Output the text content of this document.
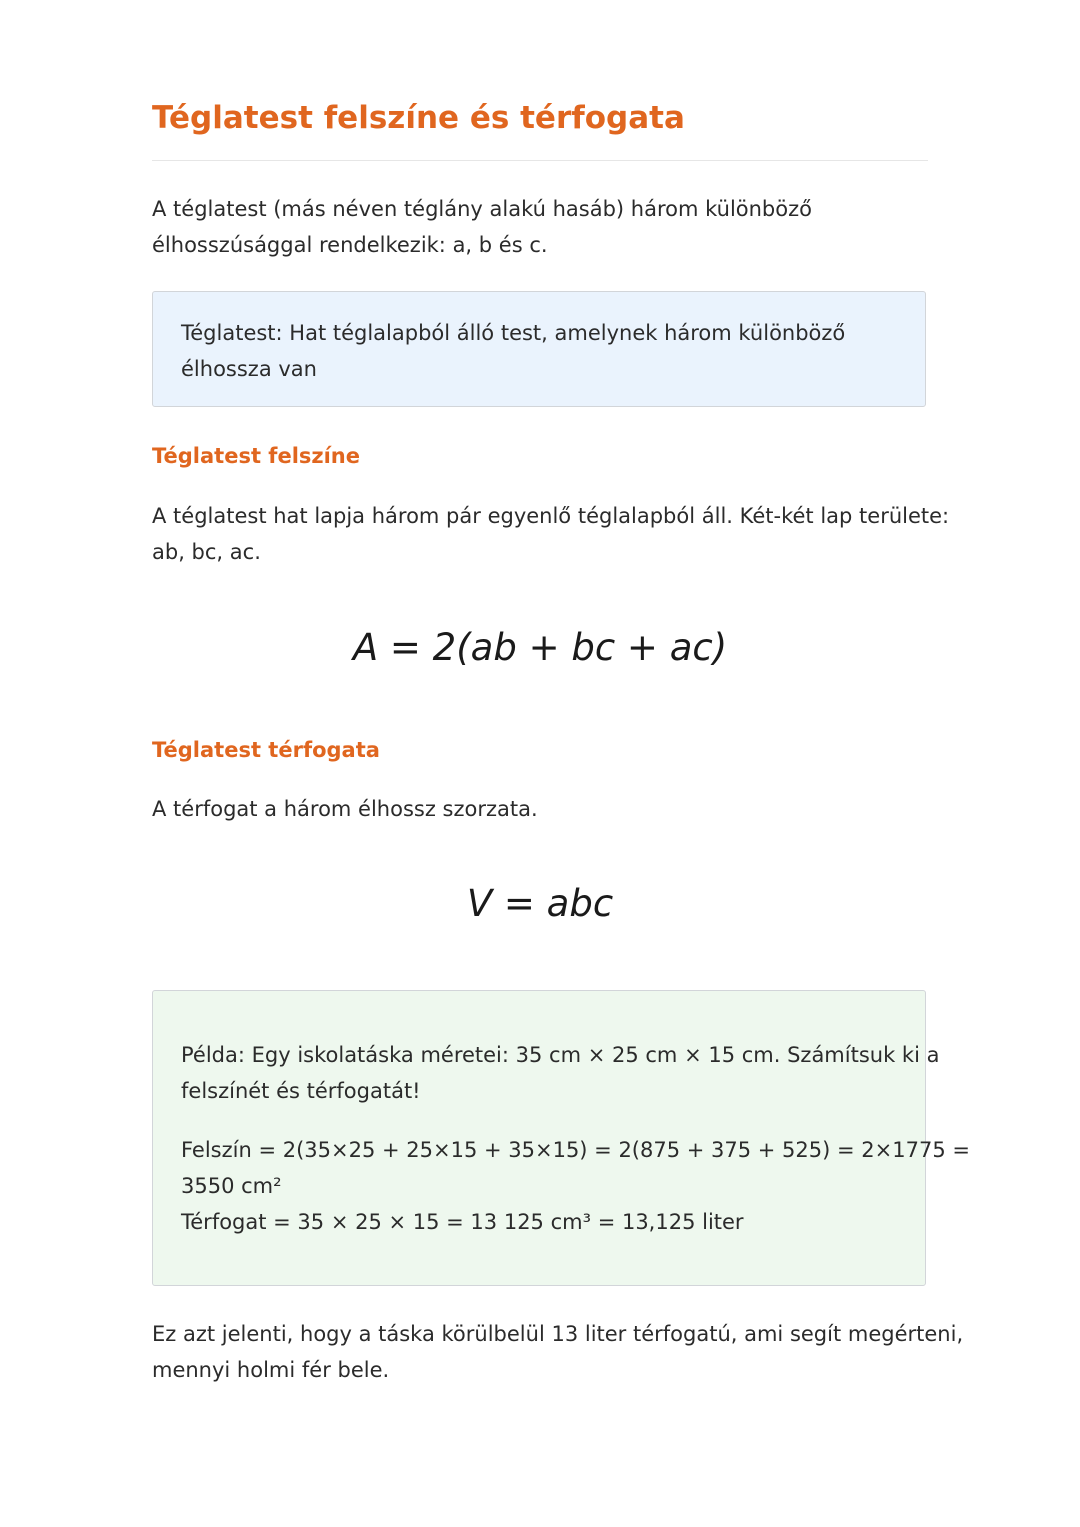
Téglatest felszíne és térfogata

A téglatest (más néven téglány alakú hasáb) három különböző
élhosszúsággal rendelkezik: a, b és c.

Téglatest: Hat téglalapból álló test, amelynek három különböző
élhossza van
Téglatest felszíne

A téglatest hat lapja három pár egyenlő téglalapból áll. Két-két lap területe:
ab, bc, ac.

A = 2(ab + bc + ac)
Téglatest térfogata

A térfogat a három élhossz szorzata.

V = abc
Példa: Egy iskolatáska méretei: 35 cm × 25 cm × 15 cm. Számítsuk ki a
felszínét és térfogatát!
Felszín = 2(35×25 + 25×15 + 35×15) = 2(875 + 375 + 525) = 2×1775 =
3550 cm²
Térfogat = 35 × 25 × 15 = 13 125 cm³ = 13,125 liter

Ez azt jelenti, hogy a táska körülbelül 13 liter térfogatú, ami segít megérteni,
mennyi holmi fér bele.
